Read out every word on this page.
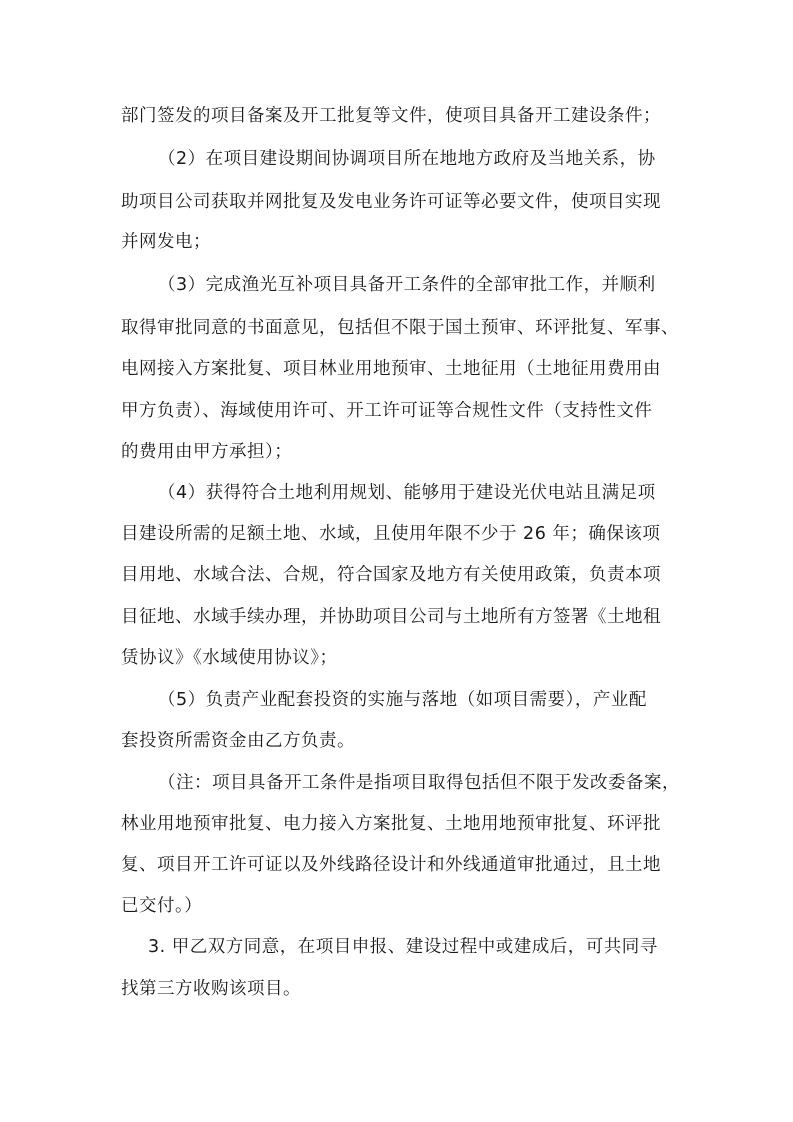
部门签发的项目备案及开工批复等文件，使项目具备开工建设条件；
（2）在项目建设期间协调项目所在地地方政府及当地关系，协
助项目公司获取并网批复及发电业务许可证等必要文件，使项目实现
并网发电；
（3）完成渔光互补项目具备开工条件的全部审批工作，并顺利
取得审批同意的书面意见，包括但不限于国土预审、环评批复、军事、
电网接入方案批复、项目林业用地预审、土地征用（土地征用费用由
甲方负责）、海域使用许可、开工许可证等合规性文件（支持性文件
的费用由甲方承担）；
（4）获得符合土地利用规划、能够用于建设光伏电站且满足项
目建设所需的足额土地、水域，且使用年限不少于 26 年；确保该项
目用地、水域合法、合规，符合国家及地方有关使用政策，负责本项
目征地、水域手续办理，并协助项目公司与土地所有方签署《土地租
赁协议》《水域使用协议》；
（5）负责产业配套投资的实施与落地（如项目需要），产业配
套投资所需资金由乙方负责。
（注：项目具备开工条件是指项目取得包括但不限于发改委备案，
林业用地预审批复、电力接入方案批复、土地用地预审批复、环评批
复、项目开工许可证以及外线路径设计和外线通道审批通过，且土地
已交付。）
3. 甲乙双方同意，在项目申报、建设过程中或建成后，可共同寻
找第三方收购该项目。
